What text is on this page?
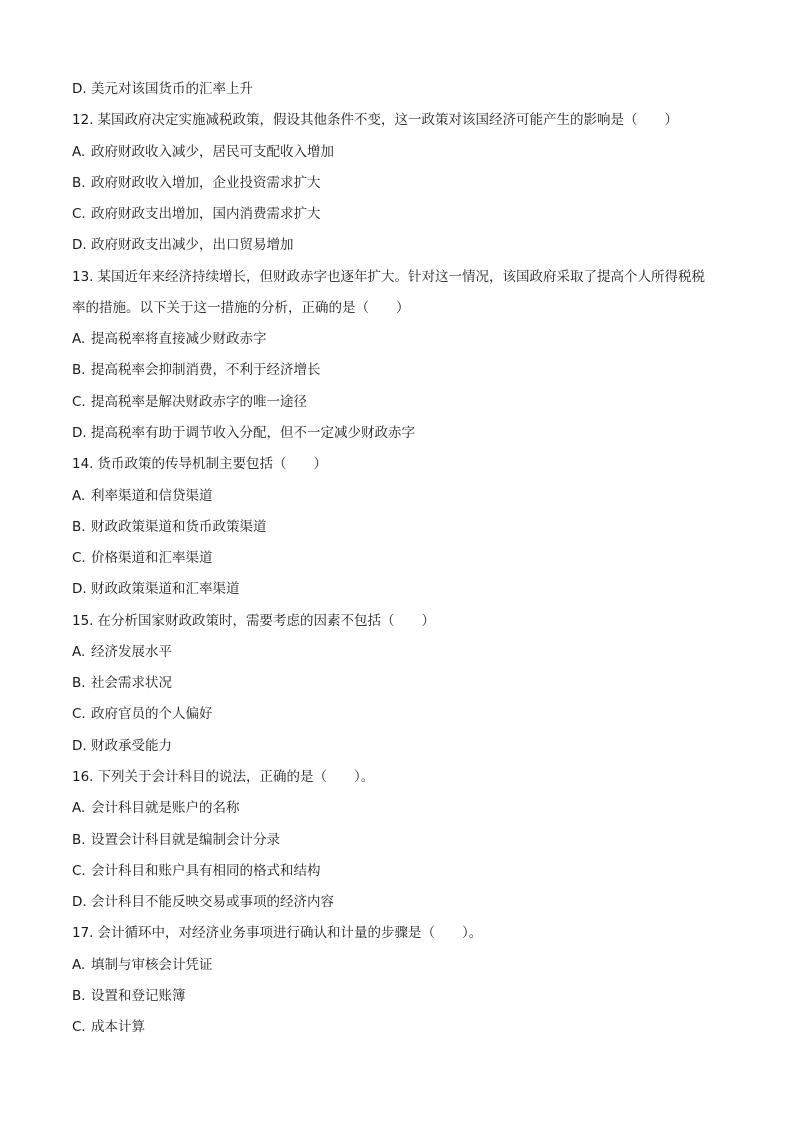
D. 美元对该国货币的汇率上升
12. 某国政府决定实施减税政策，假设其他条件不变，这一政策对该国经济可能产生的影响是（　　）
A. 政府财政收入减少，居民可支配收入增加
B. 政府财政收入增加，企业投资需求扩大
C. 政府财政支出增加，国内消费需求扩大
D. 政府财政支出减少，出口贸易增加
13. 某国近年来经济持续增长，但财政赤字也逐年扩大。针对这一情况，该国政府采取了提高个人所得税税
率的措施。以下关于这一措施的分析，正确的是（　　）
A. 提高税率将直接减少财政赤字
B. 提高税率会抑制消费，不利于经济增长
C. 提高税率是解决财政赤字的唯一途径
D. 提高税率有助于调节收入分配，但不一定减少财政赤字
14. 货币政策的传导机制主要包括（　　）
A. 利率渠道和信贷渠道
B. 财政政策渠道和货币政策渠道
C. 价格渠道和汇率渠道
D. 财政政策渠道和汇率渠道
15. 在分析国家财政政策时，需要考虑的因素不包括（　　）
A. 经济发展水平
B. 社会需求状况
C. 政府官员的个人偏好
D. 财政承受能力
16. 下列关于会计科目的说法，正确的是（　　）。
A. 会计科目就是账户的名称
B. 设置会计科目就是编制会计分录
C. 会计科目和账户具有相同的格式和结构
D. 会计科目不能反映交易或事项的经济内容
17. 会计循环中，对经济业务事项进行确认和计量的步骤是（　　）。
A. 填制与审核会计凭证
B. 设置和登记账簿
C. 成本计算
